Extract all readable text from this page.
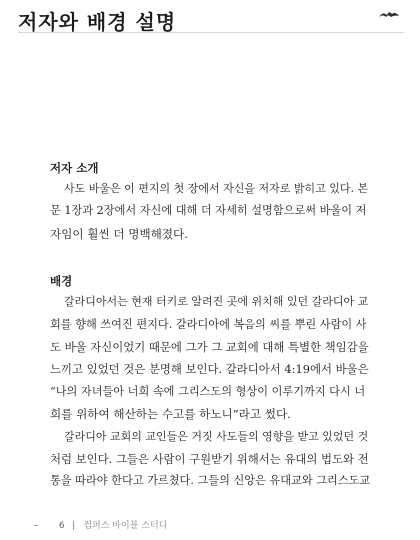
저자와 배경 설명
저자 소개

사도 바울은 이 편지의 첫 장에서 자신을 저자로 밝히고 있다. 본
문 1장과 2장에서 자신에 대해 더 자세히 설명함으로써 바울이 저
자임이 훨씬 더 명백해졌다.

배경

갈라디아서는 현재 터키로 알려진 곳에 위치해 있던 갈라디아 교
회를 향해 쓰여진 편지다. 갈라디아에 복음의 씨를 뿌린 사람이 사
도 바울 자신이었기 때문에 그가 그 교회에 대해 특별한 책임감을
느끼고 있었던 것은 분명해 보인다. 갈라디아서 4:19에서 바울은
“나의 자녀들아 너희 속에 그리스도의 형상이 이루기까지 다시 너
희를 위하여 해산하는 수고를 하노니”라고 썼다.

갈라디아 교회의 교인들은 거짓 사도들의 영향을 받고 있었던 것
처럼 보인다. 그들은 사람이 구원받기 위해서는 유대의 법도와 전
통을 따라야 한다고 가르쳤다. 그들의 신앙은 유대교와 그리스도교

6 컴퍼스 바이블 스터디
